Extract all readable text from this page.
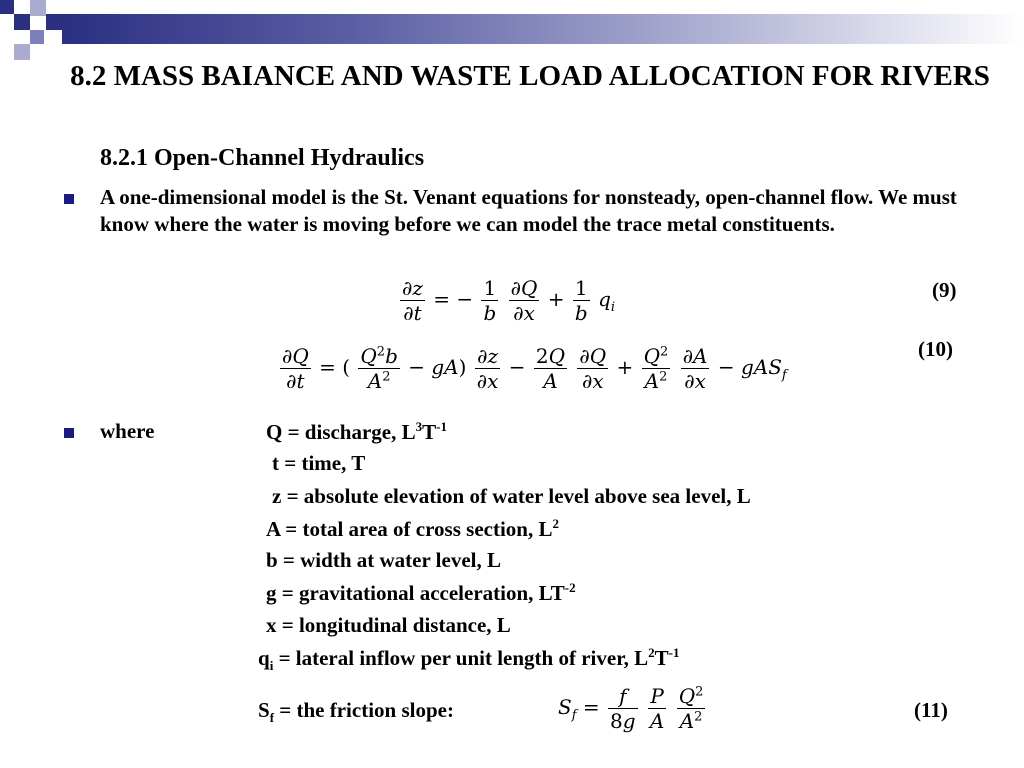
8.2 MASS BAIANCE AND WASTE LOAD ALLOCATION FOR RIVERS
8.2.1 Open-Channel Hydraulics
A one-dimensional model is the St. Venant equations for nonsteady, open-channel flow. We must know where the water is moving before we can model the trace metal constituents.
$\frac{\partial z}{\partial t}$ = − $\frac{1}{b}$
$\frac{\partial Q}{\partial x} + \frac{1}{b} q_i$
(9)
$\frac{\partial Q}{\partial t}$ = ( $\frac{Q^2b}{A^2} - gA) \frac{\partial z}{\partial x} - \frac{2Q}{A}$
$\frac{\partial Q}{\partial x} + \frac{Q^2}{A^2}$
$\frac{\partial A}{\partial x} - gAS_f$
(10)
where	Q = discharge, $L^3T^{-1}$
t = time, T
z = absolute elevation of water level above sea level, L
A = total area of cross section, $L^2$
b = width at water level, L
g = gravitational acceleration, $LT^{-2}$
x = longitudinal distance, L
$q_i$ = lateral inflow per unit length of river, $L^2T^{-1}$
$S_f$ = the friction slope:	$S_f = \frac{f}{8g}$
$\frac{P}{A}$
$\frac{Q^2}{A^2}$	(11)
